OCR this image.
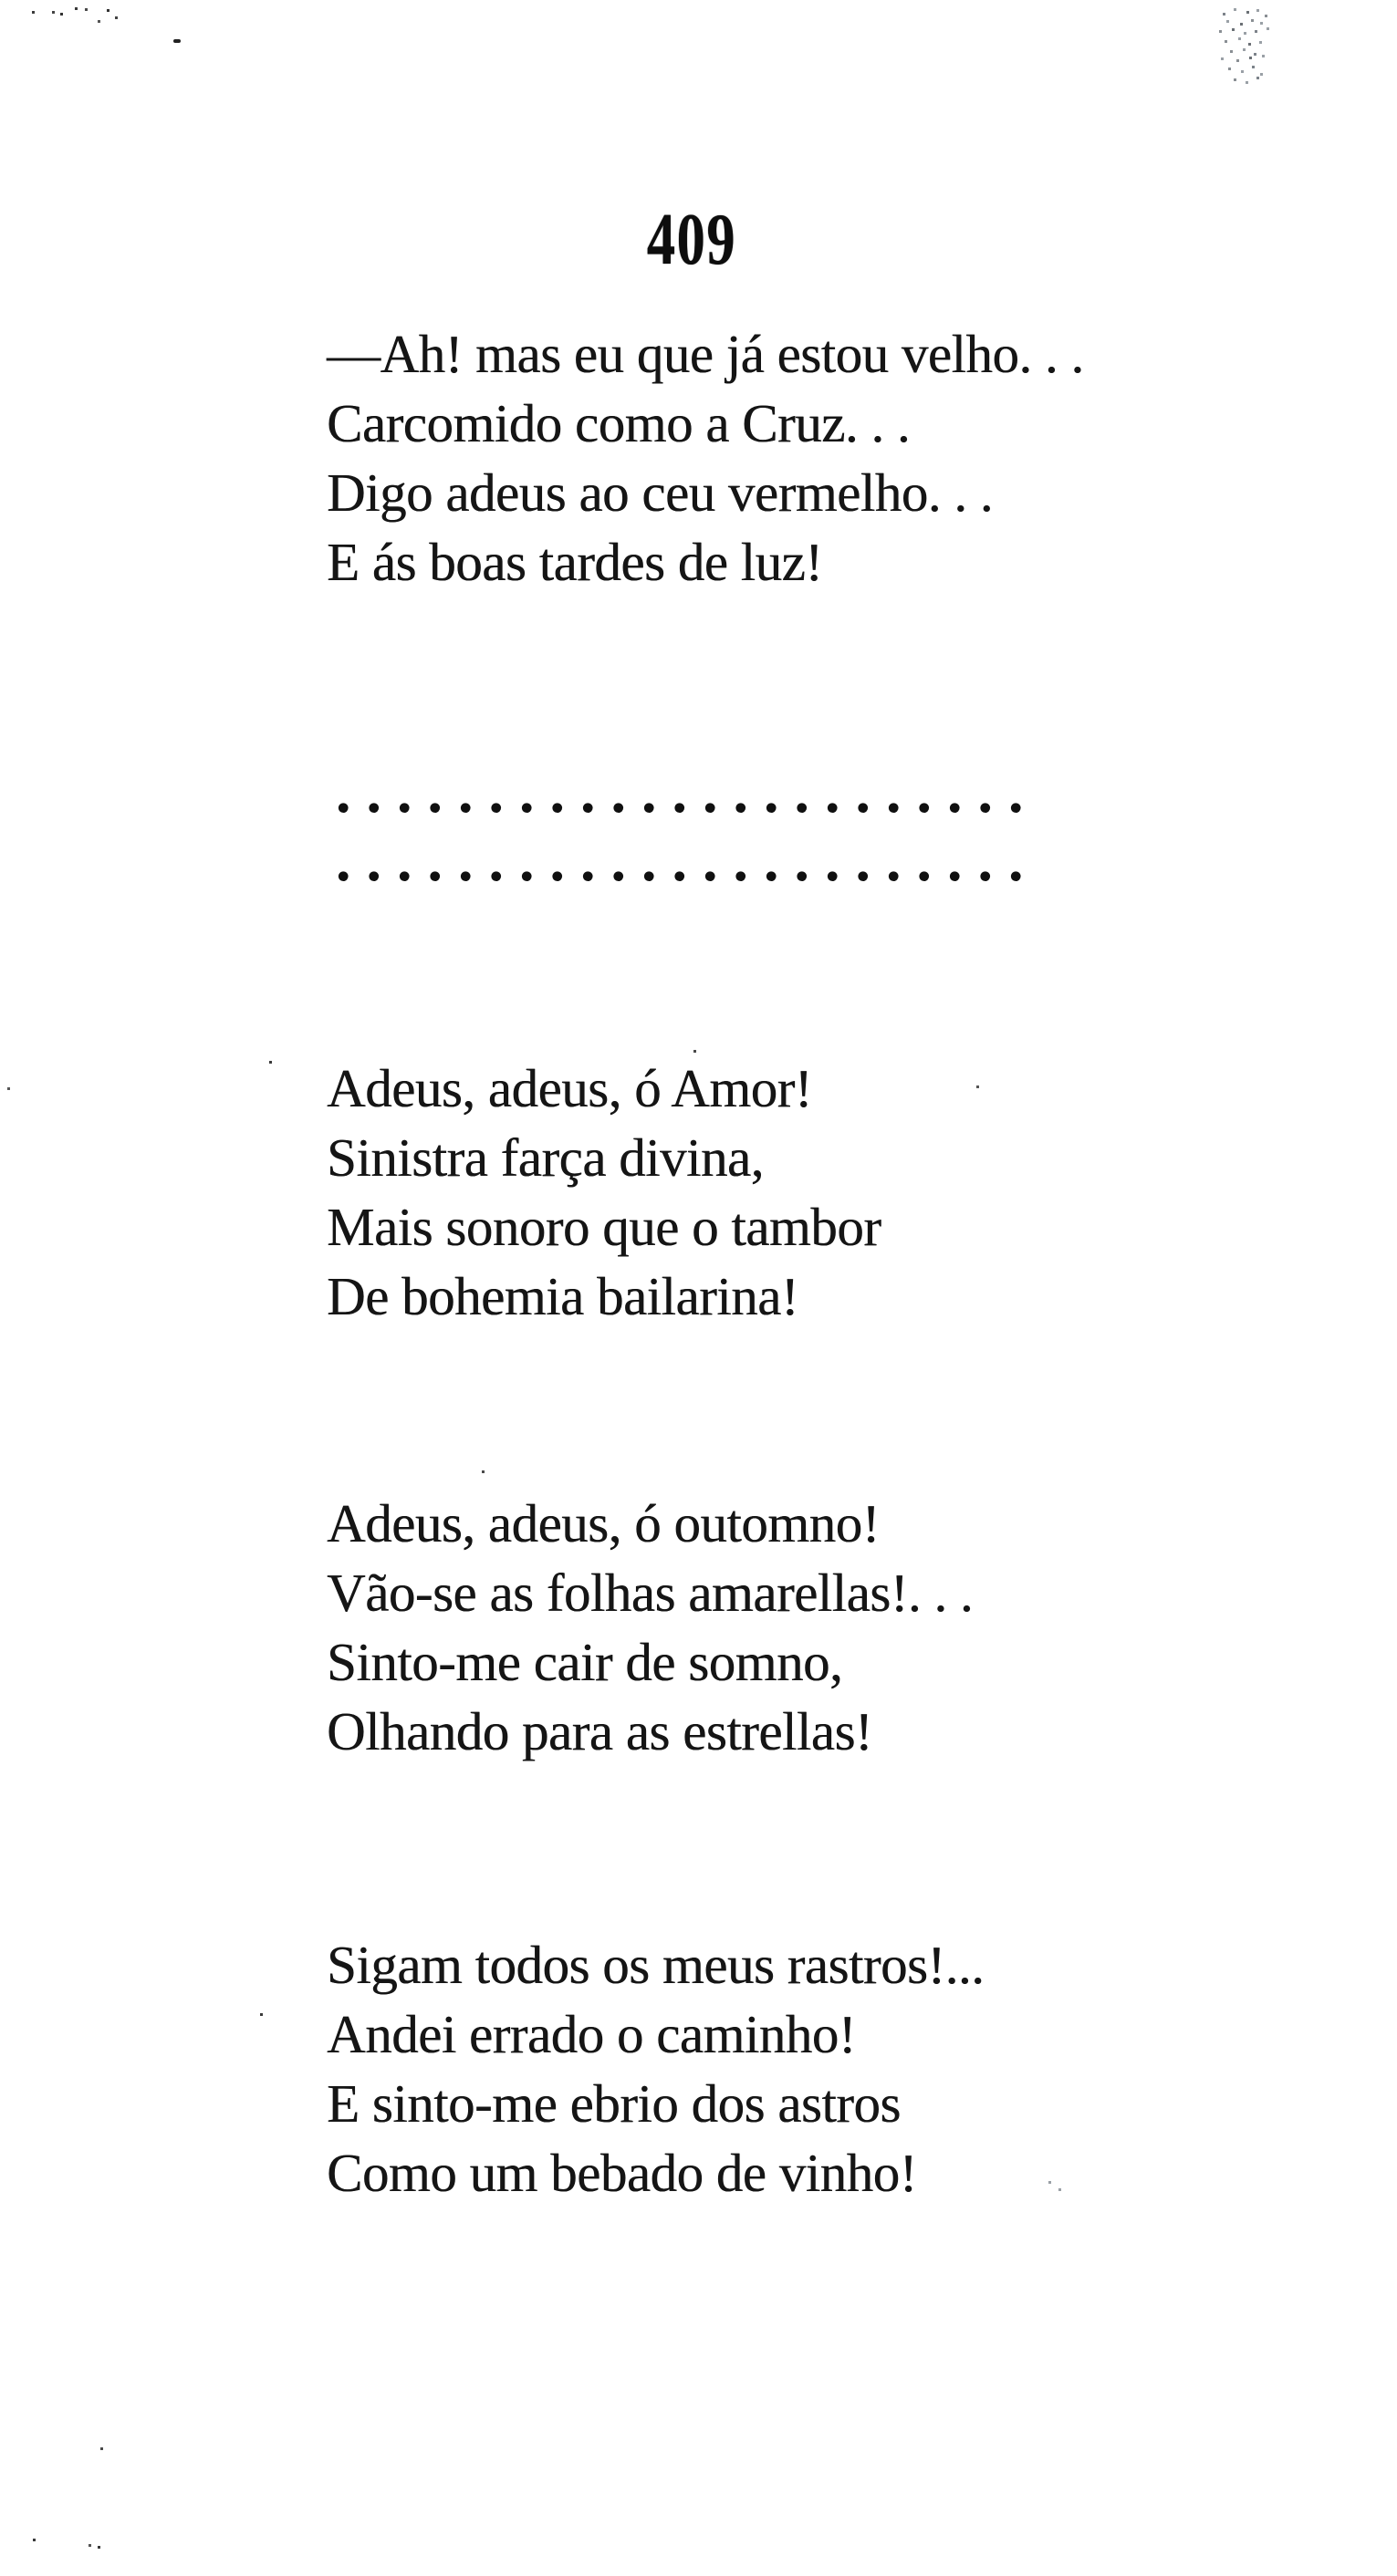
409
—Ah! mas eu que já estou velho. . .
Carcomido como a Cruz. . .
Digo adeus ao ceu vermelho. . .
E ás boas tardes de luz!
.......................
.......................
Adeus, adeus, ó Amor!
Sinistra farça divina,
Mais sonoro que o tambor
De bohemia bailarina!
Adeus, adeus, ó outomno!
Vão-se as folhas amarellas!. . .
Sinto-me cair de somno,
Olhando para as estrellas!
Sigam todos os meus rastros!...
Andei errado o caminho!
E sinto-me ebrio dos astros
Como um bebado de vinho!
